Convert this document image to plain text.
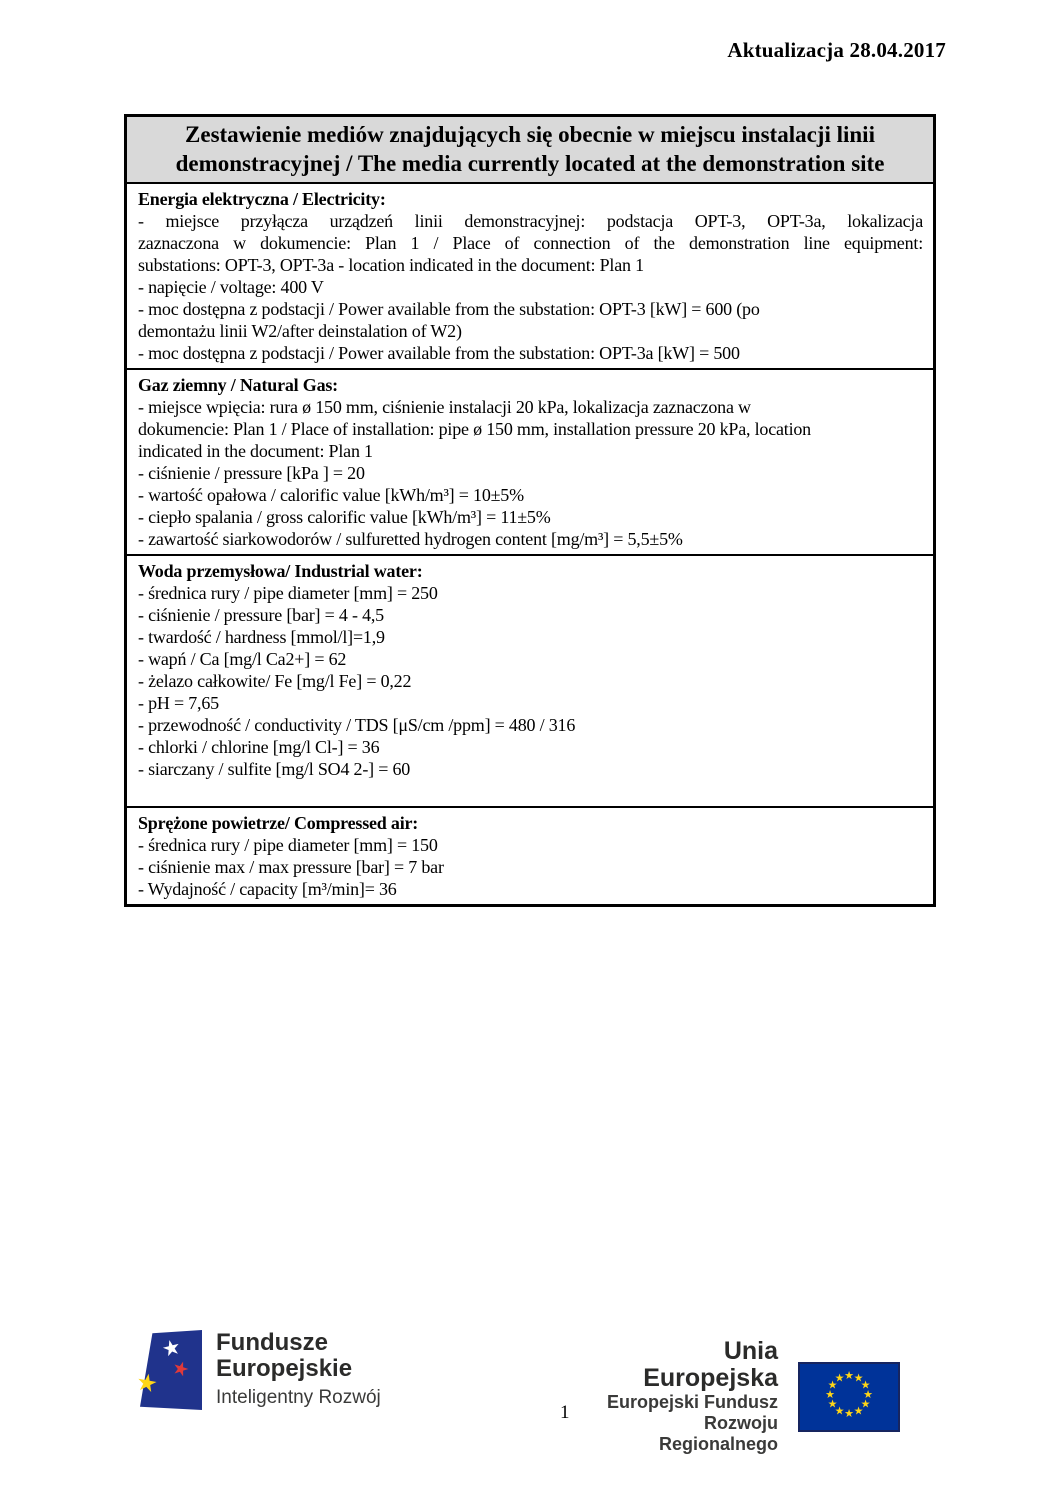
Aktualizacja 28.04.2017
Zestawienie mediów znajdujących się obecnie w miejscu instalacji linii demonstracyjnej / The media currently located at the demonstration site
Energia elektryczna / Electricity:
- miejsce przyłącza urządzeń linii demonstracyjnej: podstacja OPT-3, OPT-3a, lokalizacja
zaznaczona w dokumencie: Plan 1 / Place of connection of the demonstration line equipment:
substations: OPT-3, OPT-3a - location indicated in the document: Plan 1
- napięcie / voltage: 400 V
- moc dostępna z podstacji / Power available from the substation: OPT-3 [kW] = 600 (po
demontażu linii W2/after deinstalation of W2)
- moc dostępna z podstacji / Power available from the substation: OPT-3a [kW] = 500
Gaz ziemny / Natural Gas:
- miejsce wpięcia: rura ø 150 mm, ciśnienie instalacji 20 kPa, lokalizacja zaznaczona w
dokumencie: Plan 1 / Place of installation: pipe ø 150 mm, installation pressure 20 kPa, location
indicated in the document: Plan 1
- ciśnienie / pressure [kPa ] = 20
- wartość opałowa / calorific value [kWh/m³] = 10±5%
- ciepło spalania / gross calorific value [kWh/m³] = 11±5%
- zawartość siarkowodorów / sulfuretted hydrogen content [mg/m³] = 5,5±5%
Woda przemysłowa/ Industrial water:
- średnica rury / pipe diameter [mm] = 250
- ciśnienie / pressure [bar] = 4 - 4,5
- twardość / hardness [mmol/l]=1,9
- wapń / Ca [mg/l Ca2+] = 62
- żelazo całkowite/ Fe [mg/l Fe] = 0,22
- pH = 7,65
- przewodność / conductivity / TDS [μS/cm /ppm] = 480 / 316
- chlorki / chlorine [mg/l Cl-] = 36
- siarczany / sulfite [mg/l SO4 2-] = 60
Sprężone powietrze/ Compressed air:
- średnica rury / pipe diameter [mm] = 150
- ciśnienie max / max pressure [bar] = 7 bar
- Wydajność / capacity [m³/min]= 36
★
★ ★
Fundusze
Europejskie
Inteligentny Rozwój
Unia Europejska
Europejski Fundusz
Rozwoju Regionalnego
★ ★
★
★
★
★
★
★
★
★
★
★
1
